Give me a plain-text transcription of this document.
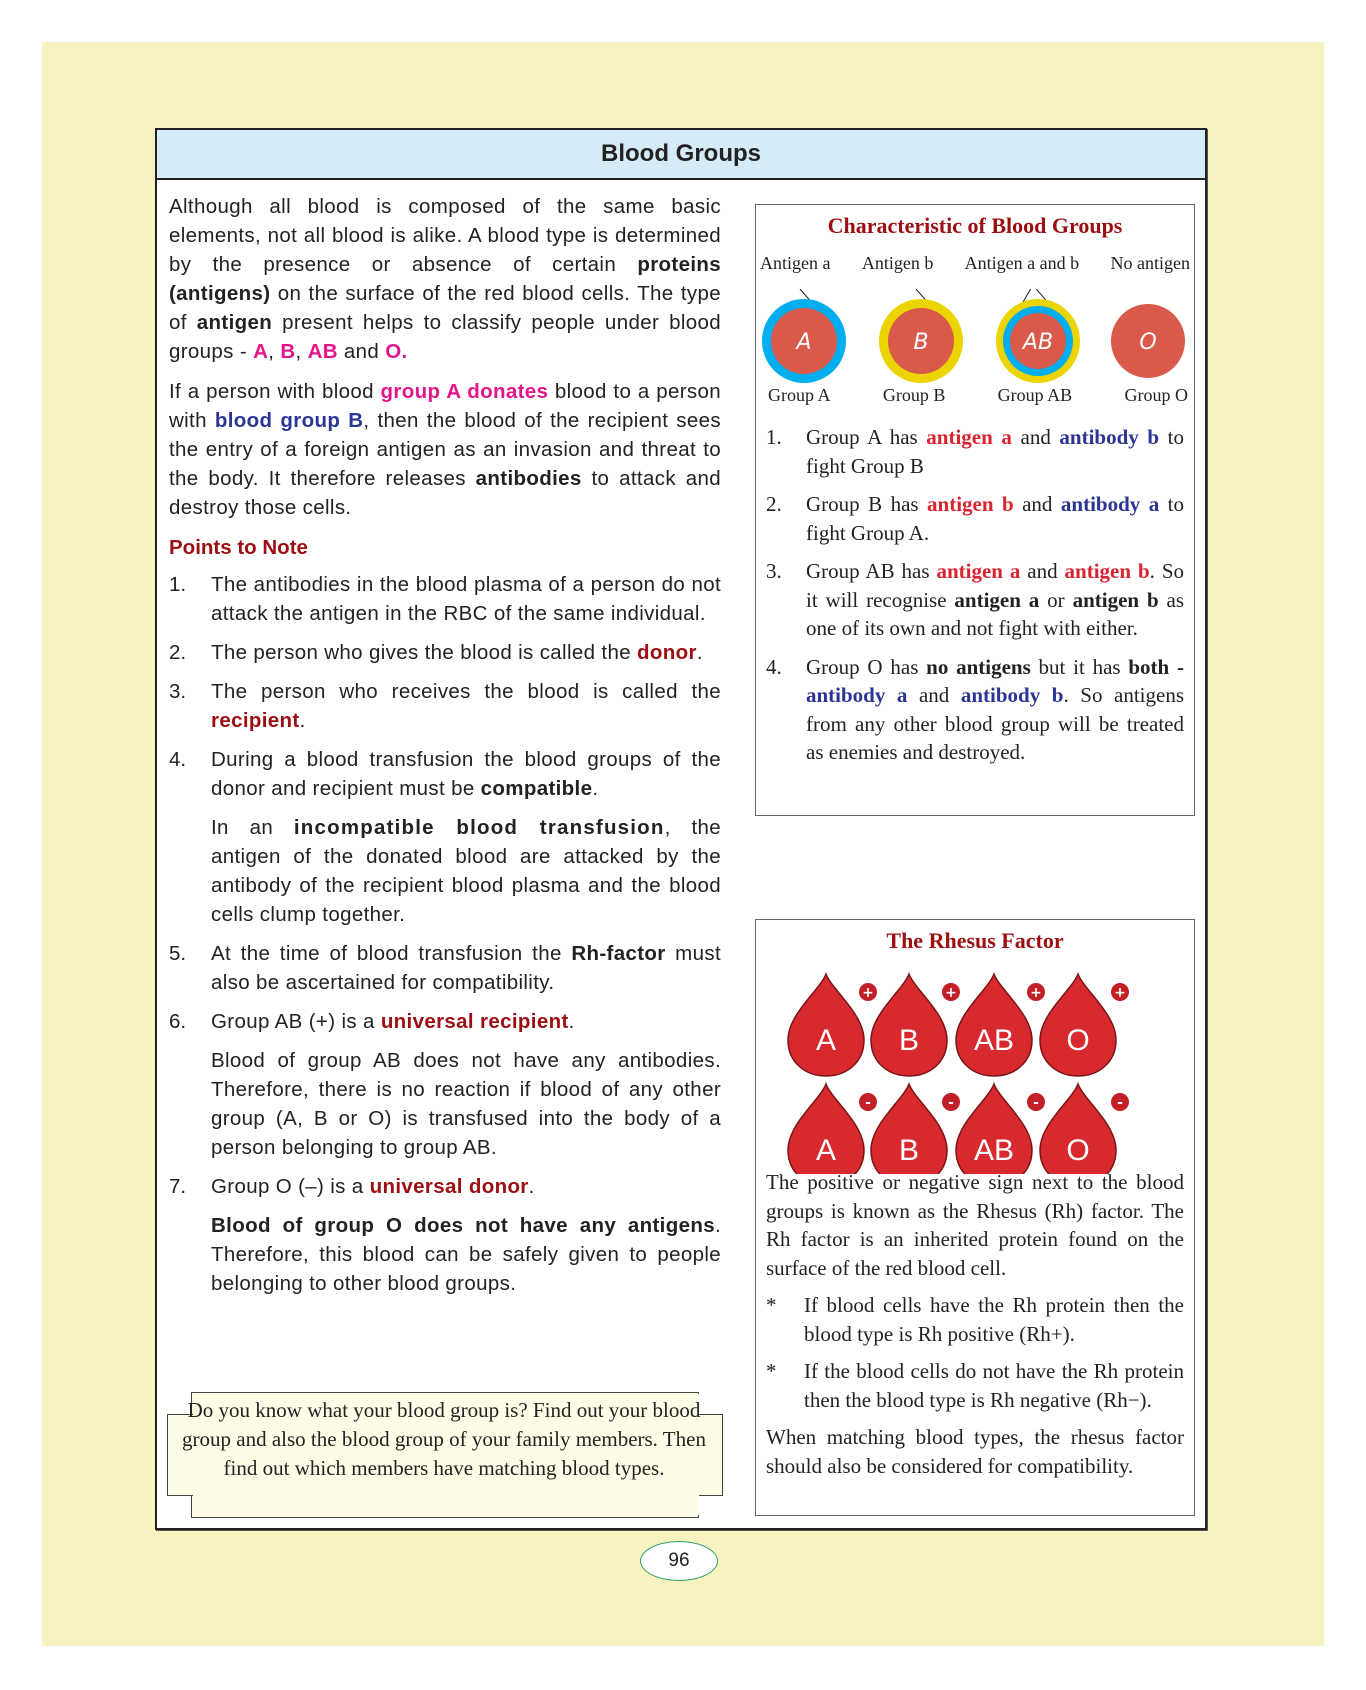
Blood Groups

Although all blood is composed of the same basic elements, not all blood is alike. A blood type is determined by the presence or absence of certain proteins (antigens) on the surface of the red blood cells. The type of antigen present helps to classify people under blood groups - A, B, AB and O.

If a person with blood group A donates blood to a person with blood group B, then the blood of the recipient sees the entry of a foreign antigen as an invasion and threat to the body. It therefore releases antibodies to attack and destroy those cells.

Points to Note
1.	The antibodies in the blood plasma of a person do not attack the antigen in the RBC of the same individual.
2.	The person who gives the blood is called the donor.
3.	The person who receives the blood is called the recipient.
4.	During a blood transfusion the blood groups of the donor and recipient must be compatible.

In an incompatible blood transfusion, the antigen of the donated blood are attacked by the antibody of the recipient blood plasma and the blood cells clump together.

5.	At the time of blood transfusion the Rh-factor must also be ascertained for compatibility.
6.	Group AB (+) is a universal recipient.

Blood of group AB does not have any antibodies. Therefore, there is no reaction if blood of any other group (A, B or O) is transfused into the body of a person belonging to group AB.

7.	Group O (–) is a universal donor.

Blood of group O does not have any antigens. Therefore, this blood can be safely given to people belonging to other blood groups.

Do you know what your blood group is? Find out your blood group and also the blood group of your family members. Then find out which members have matching blood types.
Characteristic of Blood Groups
Antigen a Antigen b Antigen a and b No antigen
A	B	AB	O
Group A	Group B	Group AB	Group O
1.	Group A has antigen a and antibody b to fight Group B
2.	Group B has antigen b and antibody a to fight Group A.
3.	Group AB has antigen a and antigen b. So it will recognise antigen a or antigen b as one of its own and not fight with either.
4.	Group O has no antigens but it has both - antibody a and antibody b. So antigens from any other blood group will be treated as enemies and destroyed.
The Rhesus Factor
+	+	+	+
-	-	-	-
A B AB O
A B AB O

The positive or negative sign next to the blood groups is known as the Rhesus (Rh) factor. The Rh factor is an inherited protein found on the surface of the red blood cell.

*	If blood cells have the Rh protein then the blood type is Rh positive (Rh+).
*	If the blood cells do not have the Rh protein then the blood type is Rh negative (Rh−).

When matching blood types, the rhesus factor should also be considered for compatibility.

96
